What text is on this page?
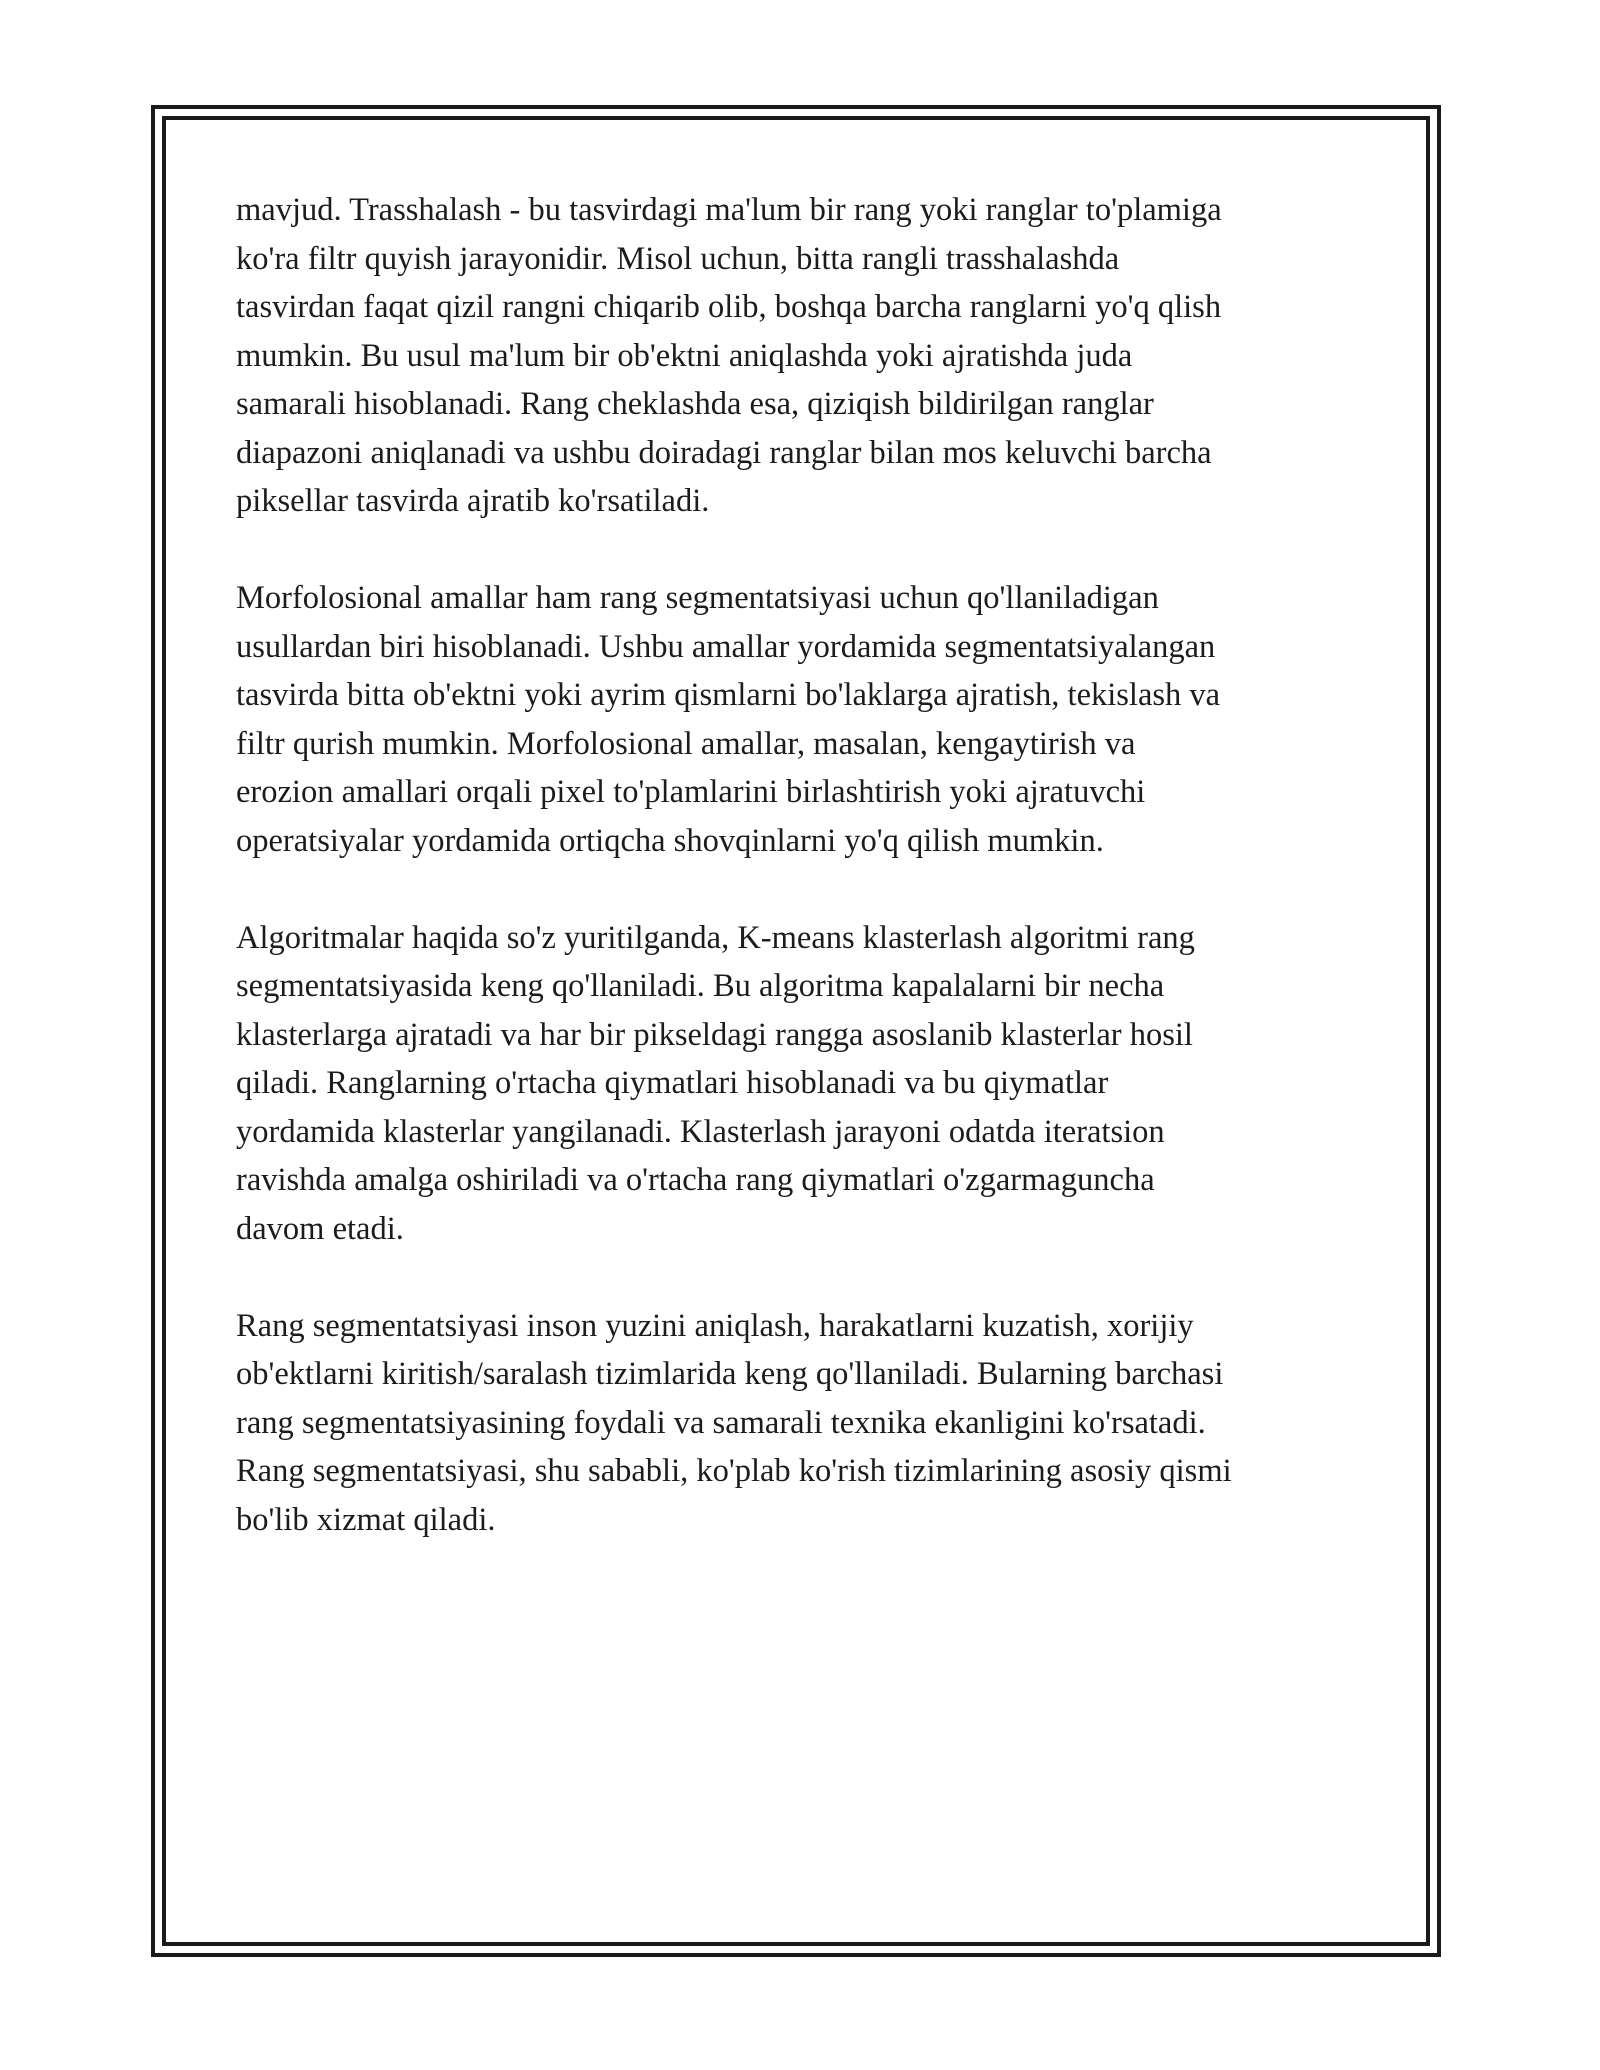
mavjud. Trasshalash - bu tasvirdagi ma'lum bir rang yoki ranglar to'plamiga
ko'ra filtr quyish jarayonidir. Misol uchun, bitta rangli trasshalashda
tasvirdan faqat qizil rangni chiqarib olib, boshqa barcha ranglarni yo'q qlish
mumkin. Bu usul ma'lum bir ob'ektni aniqlashda yoki ajratishda juda
samarali hisoblanadi. Rang cheklashda esa, qiziqish bildirilgan ranglar
diapazoni aniqlanadi va ushbu doiradagi ranglar bilan mos keluvchi barcha
piksellar tasvirda ajratib ko'rsatiladi.

Morfolosional amallar ham rang segmentatsiyasi uchun qo'llaniladigan
usullardan biri hisoblanadi. Ushbu amallar yordamida segmentatsiyalangan
tasvirda bitta ob'ektni yoki ayrim qismlarni bo'laklarga ajratish, tekislash va
filtr qurish mumkin. Morfolosional amallar, masalan, kengaytirish va
erozion amallari orqali pixel to'plamlarini birlashtirish yoki ajratuvchi
operatsiyalar yordamida ortiqcha shovqinlarni yo'q qilish mumkin.

Algoritmalar haqida so'z yuritilganda, K-means klasterlash algoritmi rang
segmentatsiyasida keng qo'llaniladi. Bu algoritma kapalalarni bir necha
klasterlarga ajratadi va har bir pikseldagi rangga asoslanib klasterlar hosil
qiladi. Ranglarning o'rtacha qiymatlari hisoblanadi va bu qiymatlar
yordamida klasterlar yangilanadi. Klasterlash jarayoni odatda iteratsion
ravishda amalga oshiriladi va o'rtacha rang qiymatlari o'zgarmaguncha
davom etadi.

Rang segmentatsiyasi inson yuzini aniqlash, harakatlarni kuzatish, xorijiy
ob'ektlarni kiritish/saralash tizimlarida keng qo'llaniladi. Bularning barchasi
rang segmentatsiyasining foydali va samarali texnika ekanligini ko'rsatadi.
Rang segmentatsiyasi, shu sababli, ko'plab ko'rish tizimlarining asosiy qismi
bo'lib xizmat qiladi.
